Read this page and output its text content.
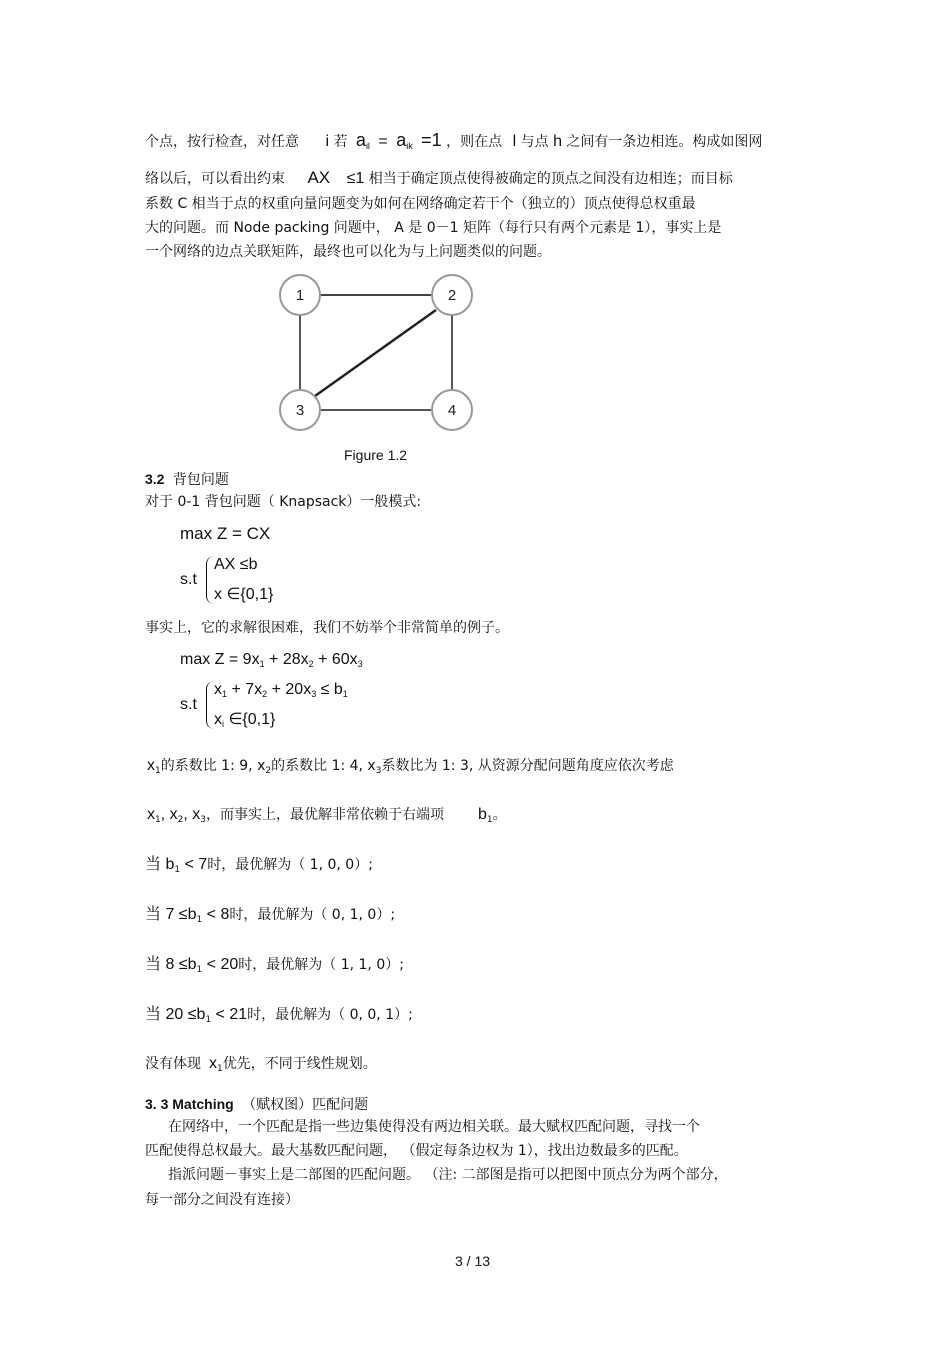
个点，按行检查，对任意 i 若 $a_{il} = a_{ik} =1$ ，则在点 l 与点 h 之间有一条边相连。构成如图网
络以后，可以看出约束 AX ≤1 相当于确定顶点使得被确定的顶点之间没有边相连；而目标
系数 C 相当于点的权重向量问题变为如何在网络确定若干个（独立的）顶点使得总权重最
大的问题。而 Node packing 问题中， A 是 0－1 矩阵（每行只有两个元素是 1），事实上是
一个网络的边点关联矩阵，最终也可以化为与上问题类似的问题。
1	2
3	4
Figure 1.2
3.2 背包问题
对于 0-1 背包问题（ Knapsack）一般模式:
max Z = CX
s.t
AX ≤b
x ∈{0,1}
事实上，它的求解很困难，我们不妨举个非常简单的例子。
$\max Z = 9x_1 + 28x_2 + 60x_3$
s.t
$x_1 + 7x_2 + 20x_3 \le b_1$
$x_i$ ∈{0,1}
$x_1$的系数比 1: 9, $x_2$的系数比 1: 4, $x_3$系数比为 1: 3, 从资源分配问题角度应依次考虑
$x_1$, $x_2$, $x_3$，而事实上，最优解非常依赖于右端项 $b_1$。
当 $b_1 < 7$时，最优解为（ 1, 0, 0）;
当 $7 \le b_1 < 8$时，最优解为（ 0, 1, 0）;
当 $8 \le b_1 < 20$时，最优解为（ 1, 1, 0）;
当 $20 \le b_1 < 21$时，最优解为（ 0, 0, 1）;
没有体现 $x_1$优先，不同于线性规划。
3. 3 Matching （赋权图）匹配问题
在网络中，一个匹配是指一些边集使得没有两边相关联。最大赋权匹配问题，寻找一个
匹配使得总权最大。最大基数匹配问题， （假定每条边权为 1），找出边数最多的匹配。
指派问题－事实上是二部图的匹配问题。 （注: 二部图是指可以把图中顶点分为两个部分，
每一部分之间没有连接）
3 / 13
